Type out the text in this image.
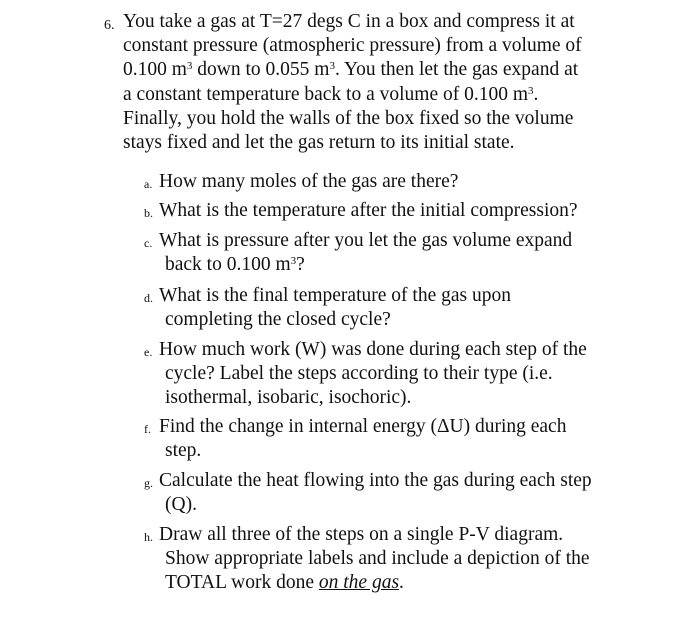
6. You take a gas at T=27 degs C in a box and compress it at
constant pressure (atmospheric pressure) from a volume of
0.100 $m^3$ down to 0.055 $m^3$. You then let the gas expand at
a constant temperature back to a volume of 0.100 $m^3$.
Finally, you hold the walls of the box fixed so the volume
stays fixed and let the gas return to its initial state.
a. How many moles of the gas are there?
b. What is the temperature after the initial compression?
c. What is pressure after you let the gas volume expand
back to 0.100 $m^3$?
d. What is the final temperature of the gas upon
completing the closed cycle?
e. How much work (W) was done during each step of the
cycle? Label the steps according to their type (i.e.
isothermal, isobaric, isochoric).
f. Find the change in internal energy (ΔU) during each
step.
g. Calculate the heat flowing into the gas during each step
(Q).
h. Draw all three of the steps on a single P-V diagram.
Show appropriate labels and include a depiction of the
TOTAL work done on the gas.
